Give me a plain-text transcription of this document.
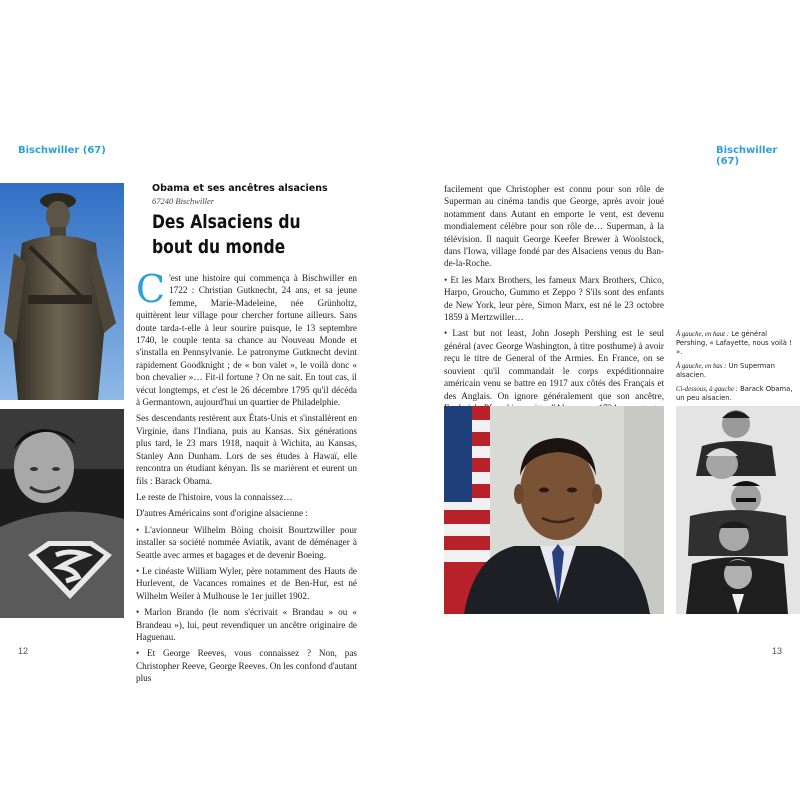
Bischwiller (67)	Bischwiller (67)
Obama et ses ancêtres alsaciens
67240 Bischwiller
Des Alsaciens du bout du monde

C 'est une histoire qui commença à Bischwiller en 1722 : Christian Gutknecht, 24 ans, et sa jeune femme, Marie-Madeleine, née Grünholtz, quittèrent leur village pour chercher fortune ailleurs. Sans doute tarda-t-elle à leur sourire puisque, le 13 septembre 1740, le couple tenta sa chance au Nouveau Monde et s'installa en Pennsylvanie. Le patronyme Gutknecht devint rapidement Goodknight ; de « bon valet », le voilà donc « bon chevalier »… Fit-il fortune ? On ne sait. En tout cas, il vécut longtemps, et c'est le 26 décembre 1795 qu'il décéda à Germantown, aujourd'hui un quartier de Philadelphie.

Ses descendants restèrent aux États-Unis et s'installèrent en Virginie, dans l'Indiana, puis au Kansas. Six générations plus tard, le 23 mars 1918, naquit à Wichita, au Kansas, Stanley Ann Dunham. Lors de ses études à Hawaï, elle rencontra un étudiant kényan. Ils se marièrent et eurent un fils : Barack Obama.

Le reste de l'histoire, vous la connaissez…

D'autres Américains sont d'origine alsacienne :

• L'avionneur Wilhelm Böing choisit Bourtzwiller pour installer sa société nommée Aviatik, avant de déménager à Seattle avec armes et bagages et de devenir Boeing.

• Le cinéaste William Wyler, père notamment des Hauts de Hurlevent, de Vacances romaines et de Ben-Hur, est né Wilhelm Weiler à Mulhouse le 1er juillet 1902.

• Marlon Brando (le nom s'écrivait « Brandau » ou « Brandeau »), lui, peut revendiquer un ancêtre originaire de Haguenau.

• Et George Reeves, vous connaissez ? Non, pas Christopher Reeve, George Reeves. On les confond d'autant plus

facilement que Christopher est connu pour son rôle de Superman au cinéma tandis que George, après avoir joué notamment dans Autant en emporte le vent, est devenu mondialement célèbre pour son rôle de… Superman, à la télévision. Il naquit George Keefer Brewer à Woolstock, dans l'Iowa, village fondé par des Alsaciens venus du Ban-de-la-Roche.

• Et les Marx Brothers, les fameux Marx Brothers, Chico, Harpo, Groucho, Gummo et Zeppo ? S'ils sont des enfants de New York, leur père, Simon Marx, est né le 23 octobre 1859 à Mertzwiller…

• Last but not least, John Joseph Pershing est le seul général (avec George Washington, à titre posthume) à avoir reçu le titre de General of the Armies. En France, on se souvient qu'il commandait le corps expéditionnaire américain venu se battre en 1917 aux côtés des Français et des Anglais. On ignore généralement que son ancêtre,

À gauche, en haut : Le général Pershing, « Lafayette, nous voilà ! ».

À gauche, en bas : Un Superman alsacien.

Ci-dessous, à gauche : Barack Obama, un peu alsacien.

12	13
